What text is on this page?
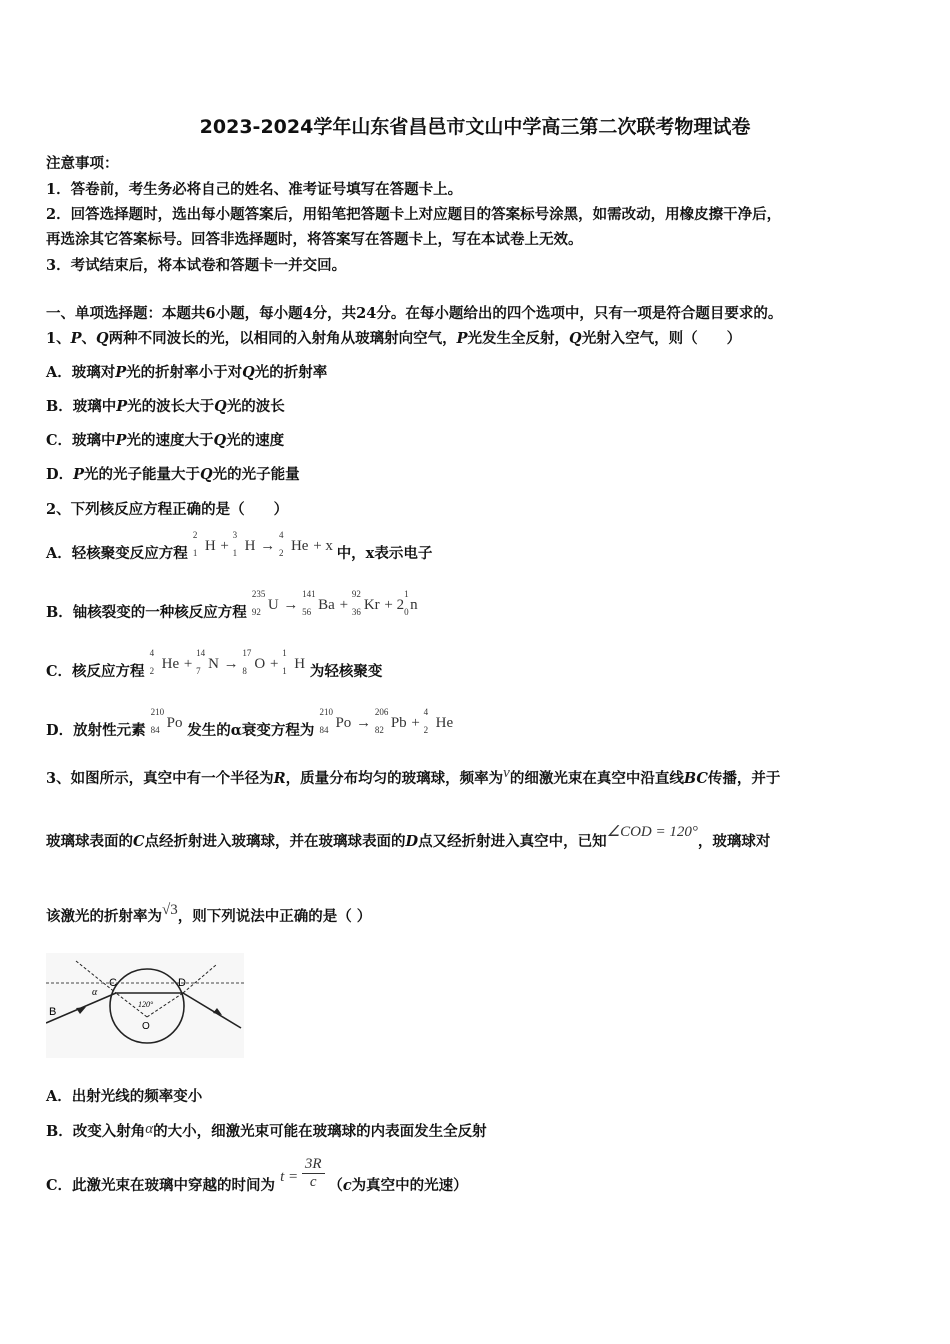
2023-2024学年山东省昌邑市文山中学高三第二次联考物理试卷
注意事项：
1．答卷前，考生务必将自己的姓名、准考证号填写在答题卡上。
2．回答选择题时，选出每小题答案后，用铅笔把答题卡上对应题目的答案标号涂黑，如需改动，用橡皮擦干净后，
再选涂其它答案标号。回答非选择题时，将答案写在答题卡上，写在本试卷上无效。
3．考试结束后，将本试卷和答题卡一并交回。
一、单项选择题：本题共6小题，每小题4分，共24分。在每小题给出的四个选项中，只有一项是符合题目要求的。
1、P、Q两种不同波长的光，以相同的入射角从玻璃射向空气，P光发生全反射，Q光射入空气，则（　　）
A．玻璃对P光的折射率小于对Q光的折射率
B．玻璃中P光的波长大于Q光的波长
C．玻璃中P光的速度大于Q光的速度
D．P光的光子能量大于Q光的光子能量
2、下列核反应方程正确的是（　　）
A．轻核聚变反应方程
2
1 H +
3
1 H →
4
2 He + x 中，x表示电子
B．铀核裂变的一种核反应方程
235
92 U →
141
56 Ba +
92
36 Kr + 2
1
0 n
C．核反应方程
4
2 He +
14
7 N →
17
8 O +
1
1 H 为轻核聚变
D．放射性元素
210
84 Po 发生的α衰变方程为
210
84 Po →
206
82 Pb +
4
2 He
3、如图所示，真空中有一个半径为R，质量分布均匀的玻璃球，频率为ν的细激光束在真空中沿直线BC传播，并于
玻璃球表面的C点经折射进入玻璃球，并在玻璃球表面的D点又经折射进入真空中，已知∠COD = 120°，玻璃球对
该激光的折射率为√3，则下列说法中正确的是（ ）
B
α
C	D
O
120°
A．出射光线的频率变小
B．改变入射角α的大小，细激光束可能在玻璃球的内表面发生全反射
C．此激光束在玻璃中穿越的时间为 $t = \frac{3R}{c} (c$为真空中的光速）
